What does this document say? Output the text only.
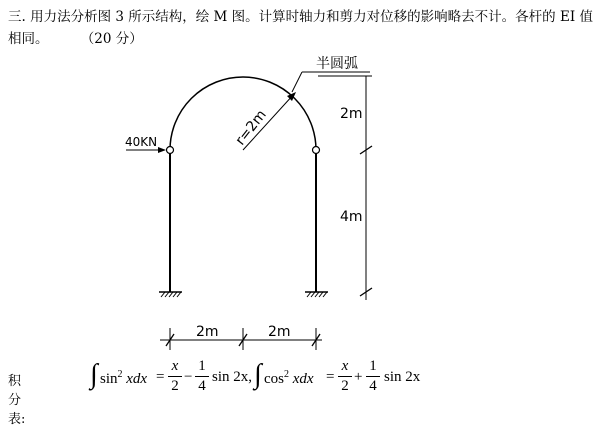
三. 用力法分析图 3 所示结构，绘 M 图。计算时轴力和剪力对位移的影响略去不计。各杆的 EI 值相同。 （20 分）
40KN	r=2m
半圆弧
2m
4m
2m	2m
积分表:
∫ $\sin^2$ xdx = $\frac{x}{2} - \frac{1}{4}$ sin 2x, ∫ $\cos^2$ xdx = $\frac{x}{2} + \frac{1}{4}$ sin 2x
